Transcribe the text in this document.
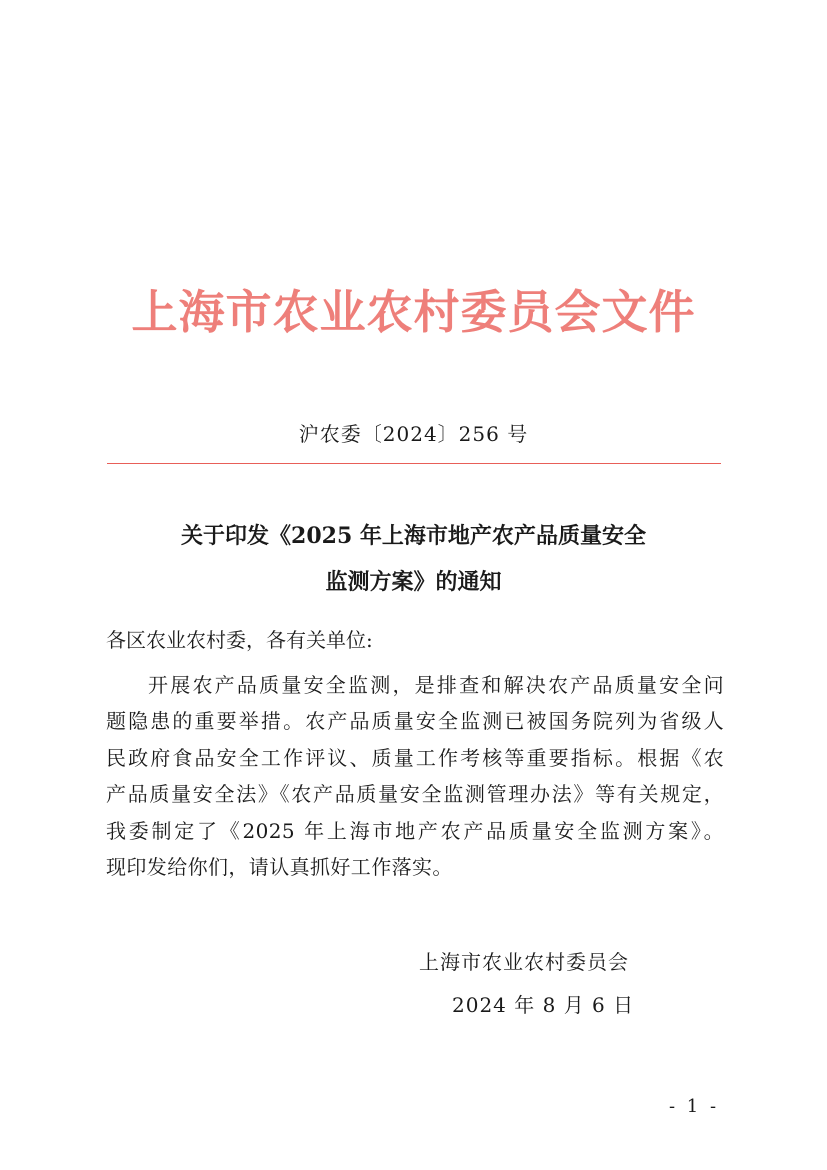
上海市农业农村委员会文件
沪农委〔2024〕256 号
关于印发《2025 年上海市地产农产品质量安全
监测方案》的通知
各区农业农村委，各有关单位:
开展农产品质量安全监测，是排查和解决农产品质量安全问
题隐患的重要举措。农产品质量安全监测已被国务院列为省级人
民政府食品安全工作评议、质量工作考核等重要指标。根据《农
产品质量安全法》《农产品质量安全监测管理办法》等有关规定，
我委制定了《2025 年上海市地产农产品质量安全监测方案》。
现印发给你们，请认真抓好工作落实。
上海市农业农村委员会
2024 年 8 月 6 日
- 1 -
